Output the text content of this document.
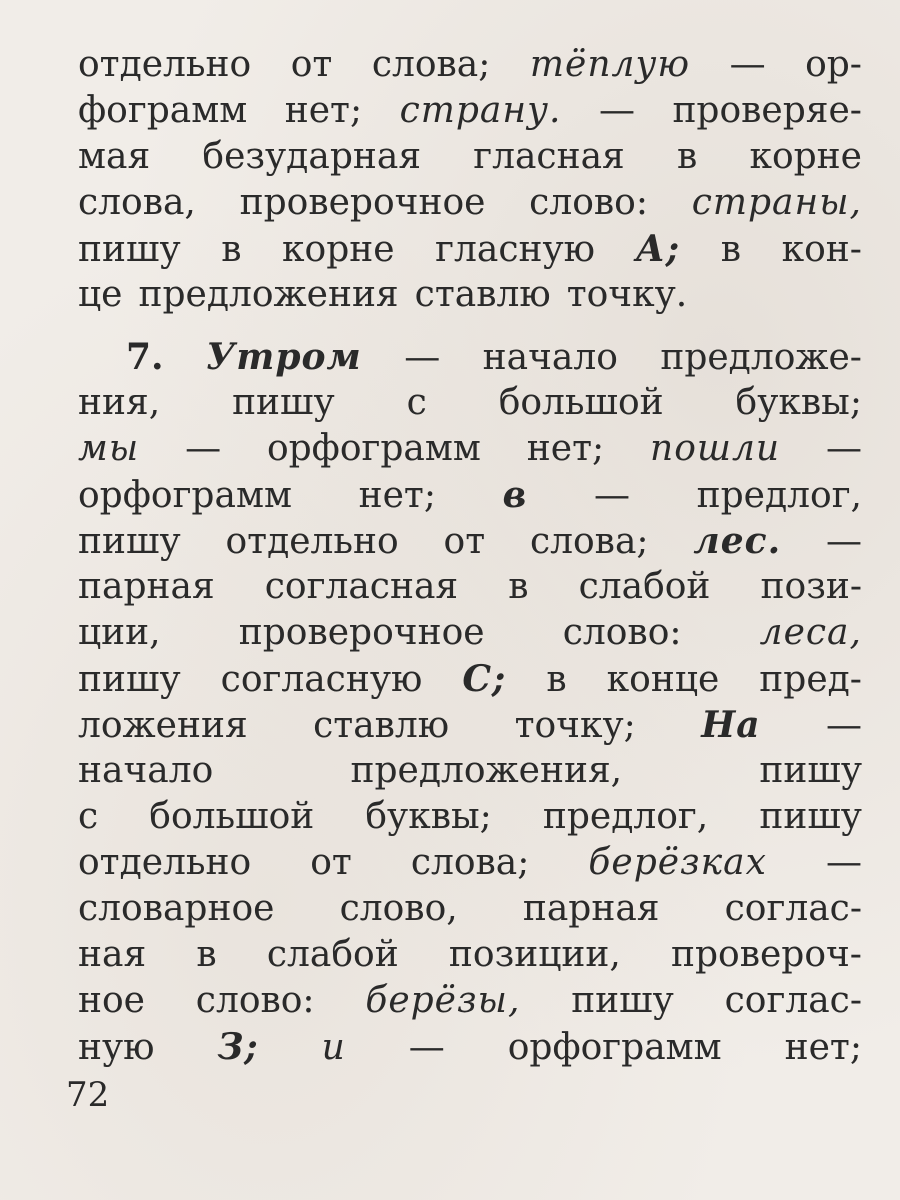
отдельно от слова; тёплую — ор-
фограмм нет; страну. — проверяе-
мая безударная гласная в корне
слова, проверочное слово: страны,
пишу в корне гласную А; в кон-
це предложения ставлю точку.
7. Утром — начало предложе-
ния, пишу с большой буквы;
мы — орфограмм нет; пошли —
орфограмм нет; в — предлог,
пишу отдельно от слова; лес. —
парная согласная в слабой пози-
ции, проверочное слово: леса,
пишу согласную С; в конце пред-
ложения ставлю точку; На —
начало	предложения,	пишу
с большой буквы; предлог, пишу
отдельно от слова; берёзках —
словарное слово, парная соглас-
ная в слабой позиции, провероч-
ное слово: берёзы, пишу соглас-
ную З; и — орфограмм нет;
72
